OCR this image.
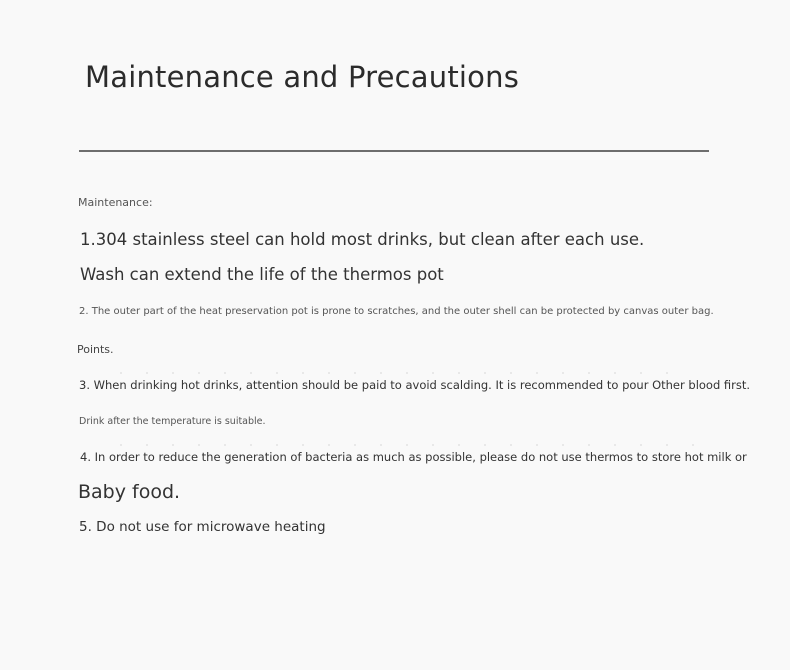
Maintenance and Precautions

Maintenance:

1.304 stainless steel can hold most drinks, but clean after each use.

Wash can extend the life of the thermos pot

2. The outer part of the heat preservation pot is prone to scratches, and the outer shell can be protected by canvas outer bag.

Points.

3. When drinking hot drinks, attention should be paid to avoid scalding. It is recommended to pour Other blood first.

Drink after the temperature is suitable.

4. In order to reduce the generation of bacteria as much as possible, please do not use thermos to store hot milk or

Baby food.

5. Do not use for microwave heating
